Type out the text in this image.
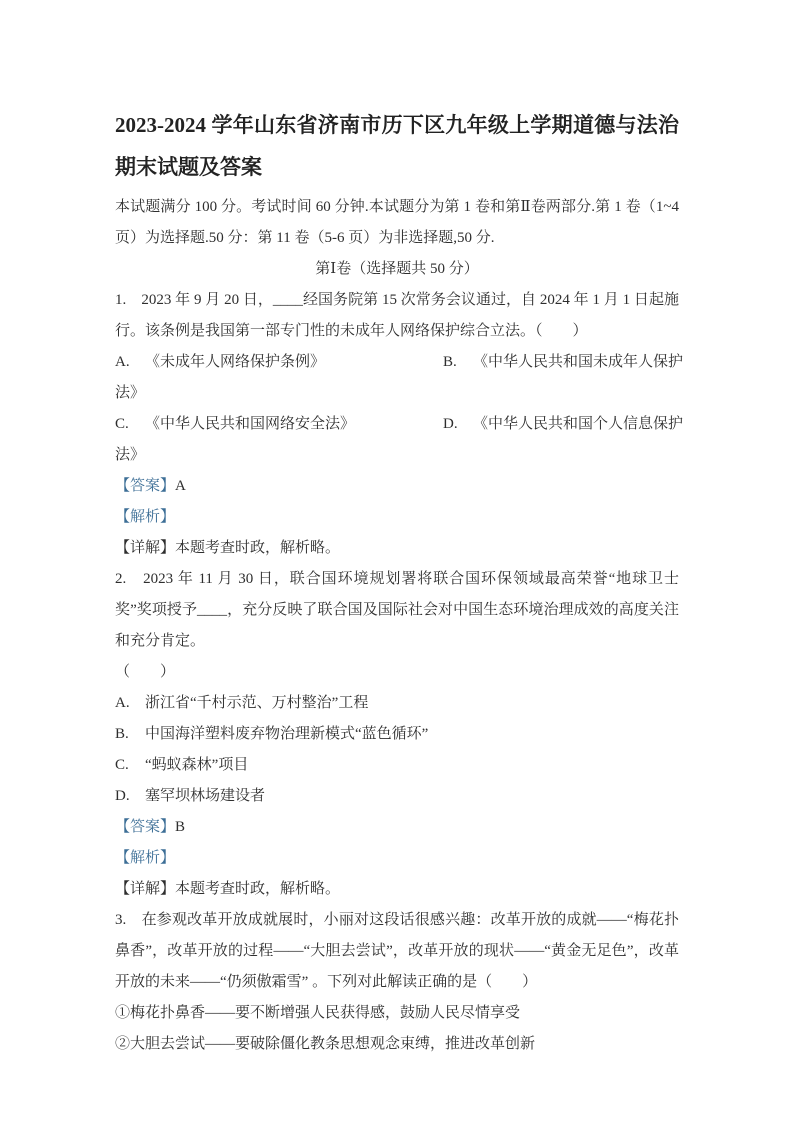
2023-2024 学年山东省济南市历下区九年级上学期道德与法治期末试题及答案

本试题满分 100 分。考试时间 60 分钟.本试题分为第 1 卷和第Ⅱ卷两部分.第 1 卷（1~4 页）为选择题.50 分：第 11 卷（5-6 页）为非选择题,50 分.

第Ⅰ卷（选择题共 50 分）

1.　2023 年 9 月 20 日，____经国务院第 15 次常务会议通过，自 2024 年 1 月 1 日起施行。该条例是我国第一部专门性的未成年人网络保护综合立法。（　　）

A. 《未成年人网络保护条例》	B. 《中华人民共和国未成年人保护
法》
C. 《中华人民共和国网络安全法》	D. 《中华人民共和国个人信息保护
法》

【答案】A

【解析】

【详解】本题考查时政，解析略。

2.　2023 年 11 月 30 日，联合国环境规划署将联合国环保领域最高荣誉“地球卫士奖”奖项授予____，充分反映了联合国及国际社会对中国生态环境治理成效的高度关注和充分肯定。

（　　）

A. 浙江省“千村示范、万村整治”工程

B. 中国海洋塑料废弃物治理新模式“蓝色循环”

C. “蚂蚁森林”项目

D. 塞罕坝林场建设者

【答案】B

【解析】

【详解】本题考查时政，解析略。

3.　在参观改革开放成就展时，小丽对这段话很感兴趣：改革开放的成就——“梅花扑鼻香”，改革开放的过程——“大胆去尝试”，改革开放的现状——“黄金无足色”，改革开放的未来——“仍须傲霜雪” 。下列对此解读正确的是（　　）

①梅花扑鼻香——要不断增强人民获得感，鼓励人民尽情享受

②大胆去尝试——要破除僵化教条思想观念束缚，推进改革创新
